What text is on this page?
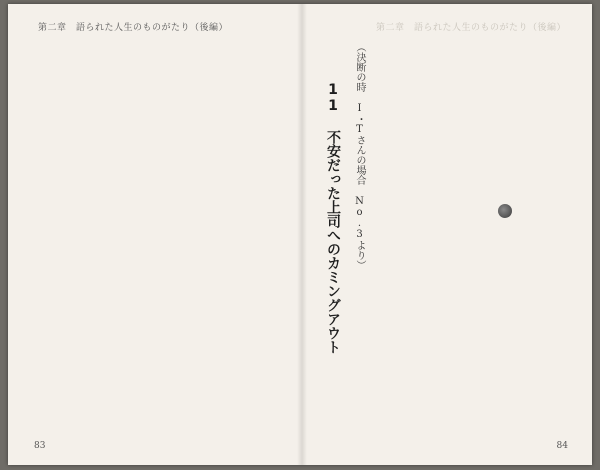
第二章　語られた人生のものがたり（後編）
83
第二章　語られた人生のものがたり（後編）
（決断の時 I・Tさんの場合 No.3より）
11 不安だった上司へのカミングアウト
84
